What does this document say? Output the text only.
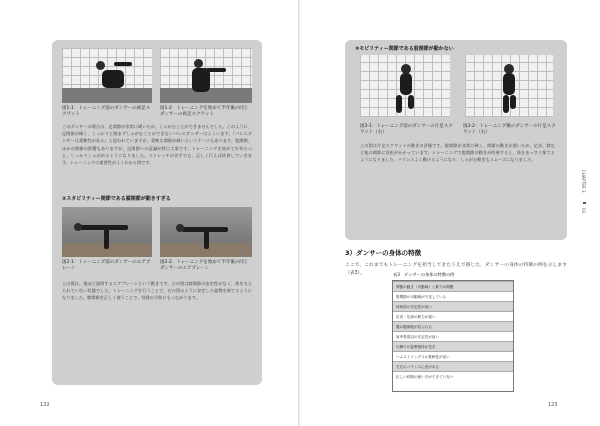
図1-1：トレーニング前のダンサーの両足スクワット
図1-2：トレーニングを始めて半年後の同じダンサーの両足スクワット
このダンサーの場合は、足関節が非常に硬いため、しゃがむことができませんでした。このように、足関節が硬く、しっかりと踏まずしゃがむことができないバレエダンサーはよくいます。『バレエダンサーは柔軟性がある』と思われていますが、柔軟な関節が硬いというケースもあります。股関節、ほかの関節の影響もありますが、足関節への意識が特に大事です。トレーニングを始めて半年たつと、しっかりしゃがめるようになりました。ストレッチが苦手でも、正しく行えば改善していきます。トレーニングの重要性がよくわかる例です。
②スタビリティー関節である膝関節が動きすぎる
図2-1：トレーニング前のダンサーのエアプレーン
図2-2：トレーニングを始めて半年後の同じダンサーのエアプレーン
上の図は、後ほど説明するエアプレーンという動きです。左の図は膝関節の安定性がなく、体を支えられていない状態でした。トレーニングを行うことで、右の図のように安定した姿勢を保てるようになりました。膝関節を正しく使うことで、怪我の予防にもつながります。
122
③モビリティー関節である股関節が動かない
図3-1：トレーニング前のダンサーの片足スクワット（右）
図3-2：トレーニング後のダンサーの片足スクワット（右）
上の図は片足スクワットの動きの評価です。股関節が非常に硬く、関節の動きが悪いため、足首、膝など他の関節に負担がかかっています。トレーニングで股関節の動きが改善すると、体をまっすぐ保てるようになりました。バランスよく動けるようになり、しゃがむ動きもスムーズになりました。
3）ダンサーの身体の特徴
ここで、これまでもトレーニングを担当してきたうえで感じた、ダンサーの身体の特徴の例を示します（表3）。	表3　ダンサーの身体の特徴の例
関節の動き（可動域）と筋力の問題
股関節の可動域が不足している
体幹部の安定性が低い
足首・足部の筋力が弱い
膝の過伸展が見られる
肩甲骨周辺の安定性が低い
片脚での姿勢保持が苦手
ハムストリングスの柔軟性が高い
左右のバランスに差がある
正しい呼吸の使い方ができていない
CHAPTER 3
03
123
